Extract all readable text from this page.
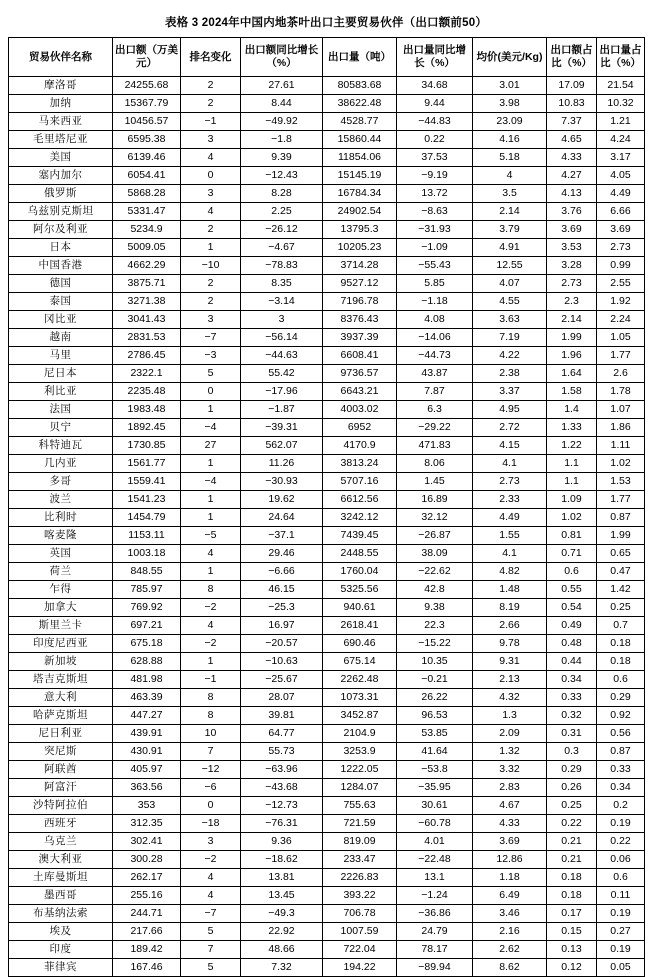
表格 3 2024年中国内地茶叶出口主要贸易伙伴（出口额前50）
贸易伙伴名称	出口额（万美元）	排名变化	出口额同比增长（%）	出口量（吨）	出口量同比增长（%）	均价(美元/Kg)	出口额占比（%）	出口量占比（%）
摩洛哥	24255.68	2	27.61	80583.68	34.68	3.01	17.09	21.54
加纳	15367.79	2	8.44	38622.48	9.44	3.98	10.83	10.32
马来西亚	10456.57	−1	−49.92	4528.77	−44.83	23.09	7.37	1.21
毛里塔尼亚	6595.38	3	−1.8	15860.44	0.22	4.16	4.65	4.24
美国	6139.46	4	9.39	11854.06	37.53	5.18	4.33	3.17
塞内加尔	6054.41	0	−12.43	15145.19	−9.19	4	4.27	4.05
俄罗斯	5868.28	3	8.28	16784.34	13.72	3.5	4.13	4.49
乌兹别克斯坦	5331.47	4	2.25	24902.54	−8.63	2.14	3.76	6.66
阿尔及利亚	5234.9	2	−26.12	13795.3	−31.93	3.79	3.69	3.69
日本	5009.05	1	−4.67	10205.23	−1.09	4.91	3.53	2.73
中国香港	4662.29	−10	−78.83	3714.28	−55.43	12.55	3.28	0.99
德国	3875.71	2	8.35	9527.12	5.85	4.07	2.73	2.55
泰国	3271.38	2	−3.14	7196.78	−1.18	4.55	2.3	1.92
冈比亚	3041.43	3	3	8376.43	4.08	3.63	2.14	2.24
越南	2831.53	−7	−56.14	3937.39	−14.06	7.19	1.99	1.05
马里	2786.45	−3	−44.63	6608.41	−44.73	4.22	1.96	1.77
尼日本	2322.1	5	55.42	9736.57	43.87	2.38	1.64	2.6
利比亚	2235.48	0	−17.96	6643.21	7.87	3.37	1.58	1.78
法国	1983.48	1	−1.87	4003.02	6.3	4.95	1.4	1.07
贝宁	1892.45	−4	−39.31	6952	−29.22	2.72	1.33	1.86
科特迪瓦	1730.85	27	562.07	4170.9	471.83	4.15	1.22	1.11
几内亚	1561.77	1	11.26	3813.24	8.06	4.1	1.1	1.02
多哥	1559.41	−4	−30.93	5707.16	1.45	2.73	1.1	1.53
波兰	1541.23	1	19.62	6612.56	16.89	2.33	1.09	1.77
比利时	1454.79	1	24.64	3242.12	32.12	4.49	1.02	0.87
喀麦隆	1153.11	−5	−37.1	7439.45	−26.87	1.55	0.81	1.99
英国	1003.18	4	29.46	2448.55	38.09	4.1	0.71	0.65
荷兰	848.55	1	−6.66	1760.04	−22.62	4.82	0.6	0.47
乍得	785.97	8	46.15	5325.56	42.8	1.48	0.55	1.42
加拿大	769.92	−2	−25.3	940.61	9.38	8.19	0.54	0.25
斯里兰卡	697.21	4	16.97	2618.41	22.3	2.66	0.49	0.7
印度尼西亚	675.18	−2	−20.57	690.46	−15.22	9.78	0.48	0.18
新加坡	628.88	1	−10.63	675.14	10.35	9.31	0.44	0.18
塔吉克斯坦	481.98	−1	−25.67	2262.48	−0.21	2.13	0.34	0.6
意大利	463.39	8	28.07	1073.31	26.22	4.32	0.33	0.29
哈萨克斯坦	447.27	8	39.81	3452.87	96.53	1.3	0.32	0.92
尼日利亚	439.91	10	64.77	2104.9	53.85	2.09	0.31	0.56
突尼斯	430.91	7	55.73	3253.9	41.64	1.32	0.3	0.87
阿联酋	405.97	−12	−63.96	1222.05	−53.8	3.32	0.29	0.33
阿富汗	363.56	−6	−43.68	1284.07	−35.95	2.83	0.26	0.34
沙特阿拉伯	353	0	−12.73	755.63	30.61	4.67	0.25	0.2
西班牙	312.35	−18	−76.31	721.59	−60.78	4.33	0.22	0.19
乌克兰	302.41	3	9.36	819.09	4.01	3.69	0.21	0.22
澳大利亚	300.28	−2	−18.62	233.47	−22.48	12.86	0.21	0.06
土库曼斯坦	262.17	4	13.81	2226.83	13.1	1.18	0.18	0.6
墨西哥	255.16	4	13.45	393.22	−1.24	6.49	0.18	0.11
布基纳法索	244.71	−7	−49.3	706.78	−36.86	3.46	0.17	0.19
埃及	217.66	5	22.92	1007.59	24.79	2.16	0.15	0.27
印度	189.42	7	48.66	722.04	78.17	2.62	0.13	0.19
菲律宾	167.46	5	7.32	194.22	−89.94	8.62	0.12	0.05
